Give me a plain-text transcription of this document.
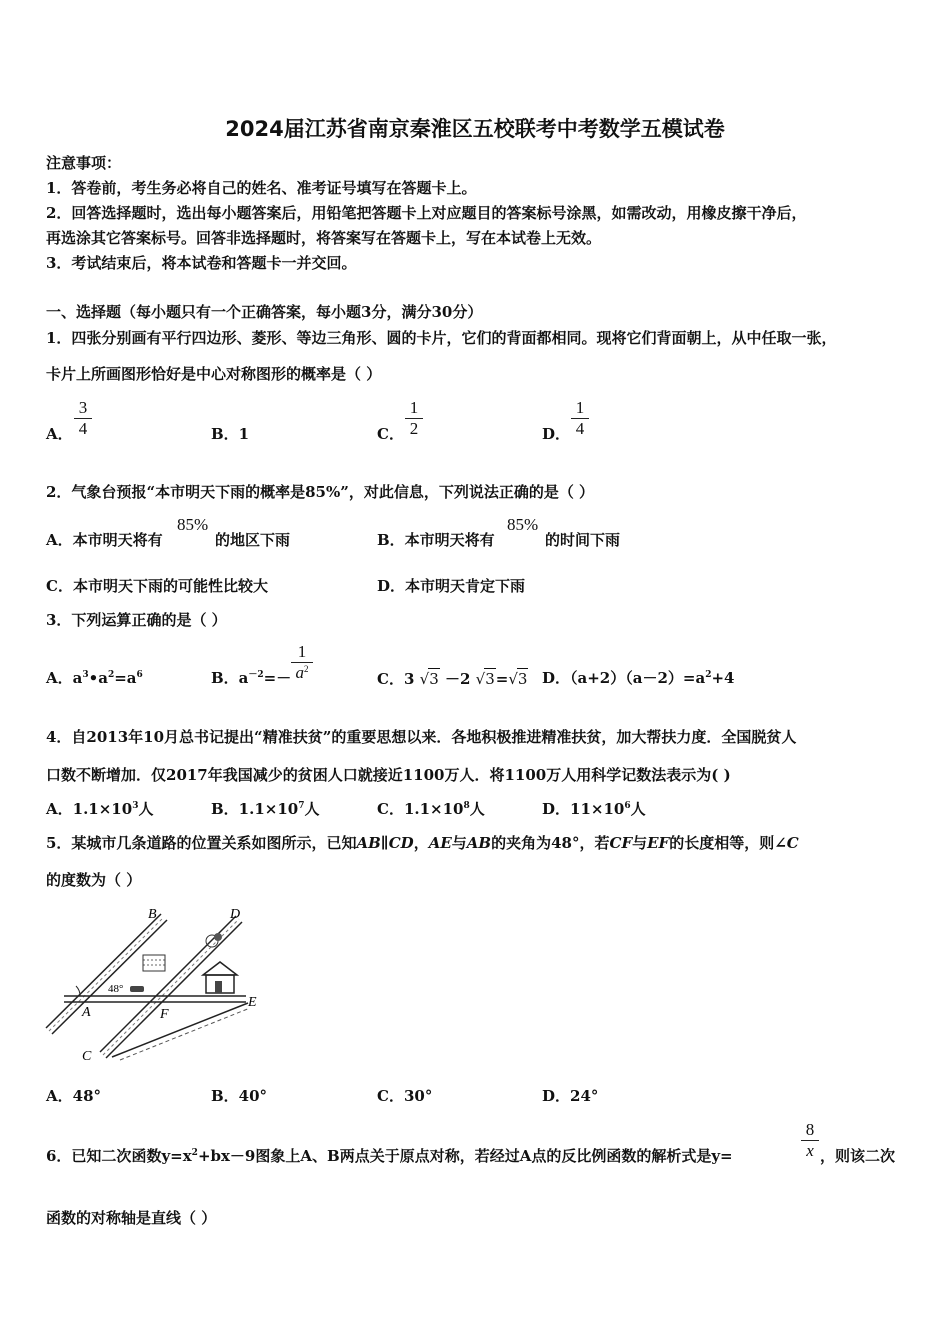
2024届江苏省南京秦淮区五校联考中考数学五模试卷
注意事项：
1．答卷前，考生务必将自己的姓名、准考证号填写在答题卡上。
2．回答选择题时，选出每小题答案后，用铅笔把答题卡上对应题目的答案标号涂黑，如需改动，用橡皮擦干净后，
再选涂其它答案标号。回答非选择题时，将答案写在答题卡上，写在本试卷上无效。
3．考试结束后，将本试卷和答题卡一并交回。
一、选择题（每小题只有一个正确答案，每小题3分，满分30分）
1．四张分别画有平行四边形、菱形、等边三角形、圆的卡片，它们的背面都相同。现将它们背面朝上，从中任取一张，
卡片上所画图形恰好是中心对称图形的概率是（ ）
A．
3
4	B．1	C．
1
2	D．
1
4
2．气象台预报“本市明天下雨的概率是85%”，对此信息，下列说法正确的是（ ）
A．本市明天将有
85%
的地区下雨	B．本市明天将有
85%
的时间下雨
C．本市明天下雨的可能性比较大	D．本市明天肯定下雨
3．下列运算正确的是（ ）
A．$a^3•a^2=a^6$	B．$a^{-2}=-$
1
$a^2$
C．3 √3 －2 √3=√3 D．$(a+2)(a-2)=a^2+4$
4．自2013年10月总书记提出“精准扶贫”的重要思想以来．各地积极推进精准扶贫，加大帮扶力度．全国脱贫人
口数不断增加．仅2017年我国减少的贫困人口就接近1100万人．将1100万人用科学记数法表示为( )
A．$1.1\times 10^3$人	B．$1.1\times 10^7$人	C．$1.1\times 10^8$人	D．$11\times 10^6$人
5．某城市几条道路的位置关系如图所示，已知AB∥CD，AE与AB的夹角为48°，若CF与EF的长度相等，则∠C
的度数为（ ）
48°
B	D
A	F
E
C
A．48°	B．40°	C．30°	D．24°
6．已知二次函数$y=x^2+bx-9$图象上A、B两点关于原点对称，若经过A点的反比例函数的解析式是y=
8
x ，则该二次
函数的对称轴是直线（ ）
